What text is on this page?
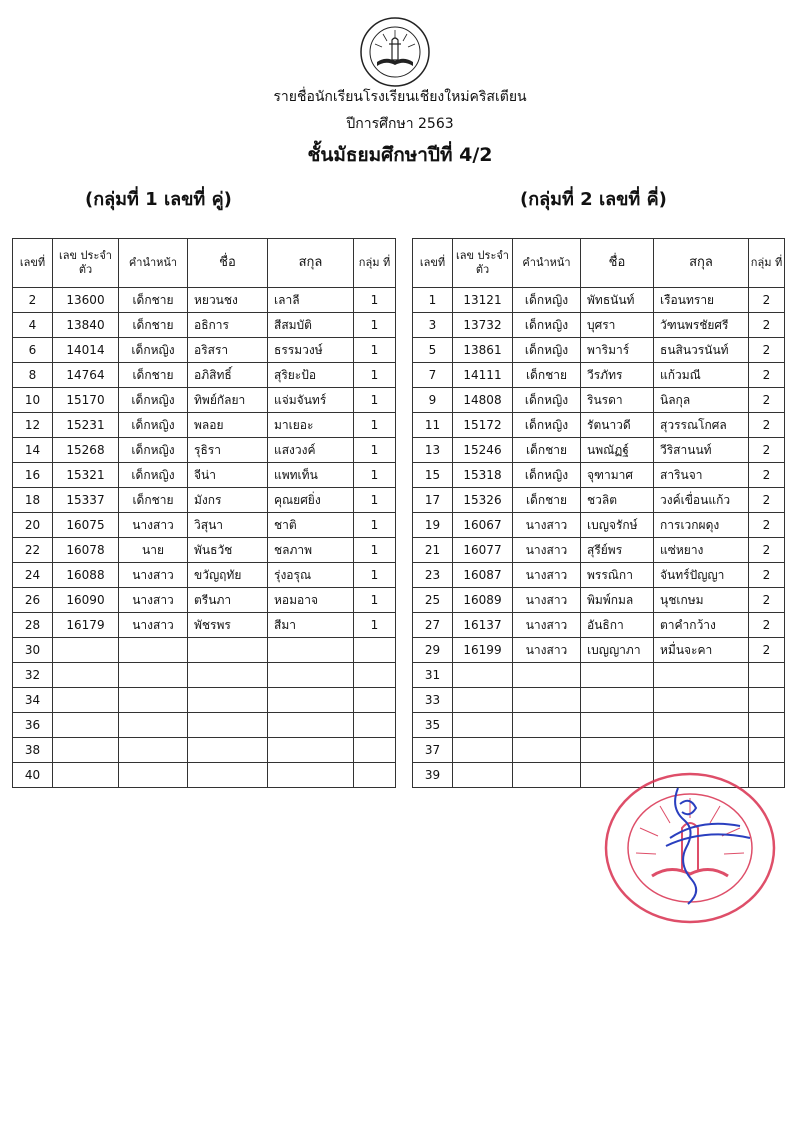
รายชื่อนักเรียนโรงเรียนเชียงใหม่คริสเตียน
ปีการศึกษา 2563
ชั้นมัธยมศึกษาปีที่ 4/2
(กลุ่มที่ 1 เลขที่ คู่)	(กลุ่มที่ 2 เลขที่ คี่)
เลขที่	เลข ประจำตัว	คำนำหน้า	ชื่อ	สกุล	กลุ่ม ที่
2	13600	เด็กชาย	หยวนชง	เลาลี	1
4	13840	เด็กชาย	อธิการ	สีสมบัติ	1
6	14014	เด็กหญิง	อริสรา	ธรรมวงษ์	1
8	14764	เด็กชาย	อภิสิทธิ์	สุริยะป้อ	1
10	15170	เด็กหญิง	ทิพย์กัลยา	แจ่มจันทร์	1
12	15231	เด็กหญิง	พลอย	มาเยอะ	1
14	15268	เด็กหญิง	รุธิรา	แสงวงค์	1
16	15321	เด็กหญิง	จีน่า	แพทเท็น	1
18	15337	เด็กชาย	มังกร	คุณยศยิ่ง	1
20	16075	นางสาว	วิสุนา	ชาติ	1
22	16078	นาย	พันธวัช	ชลภาพ	1
24	16088	นางสาว	ขวัญฤทัย	รุ่งอรุณ	1
26	16090	นางสาว	ตรีนภา	หอมอาจ	1
28	16179	นางสาว	พัชรพร	สีมา	1
30					
32					
34					
36					
38					
40					
เลขที่	เลข ประจำตัว	คำนำหน้า	ชื่อ	สกุล	กลุ่ม ที่
1	13121	เด็กหญิง	พัทธนันท์	เรือนทราย	2
3	13732	เด็กหญิง	บุศรา	วัฑนพรชัยศรี	2
5	13861	เด็กหญิง	พาริมาร์	ธนสินวรนันท์	2
7	14111	เด็กชาย	วีรภัทร	แก้วมณี	2
9	14808	เด็กหญิง	รินรดา	นิลกุล	2
11	15172	เด็กหญิง	รัตนาวดี	สุวรรณโกศล	2
13	15246	เด็กชาย	นพณัฏฐ์	วีริสานนท์	2
15	15318	เด็กหญิง	จุฑามาศ	สารินจา	2
17	15326	เด็กชาย	ชวลิต	วงค์เขื่อนแก้ว	2
19	16067	นางสาว	เบญจรักษ์	การเวกผดุง	2
21	16077	นางสาว	สุรีย์พร	แซ่หยาง	2
23	16087	นางสาว	พรรณิกา	จันทร์ปัญญา	2
25	16089	นางสาว	พิมพ์กมล	นุชเกษม	2
27	16137	นางสาว	อันธิกา	ตาคำกว้าง	2
29	16199	นางสาว	เบญญาภา	หมื่นจะคา	2
31					
33					
35					
37					
39					
